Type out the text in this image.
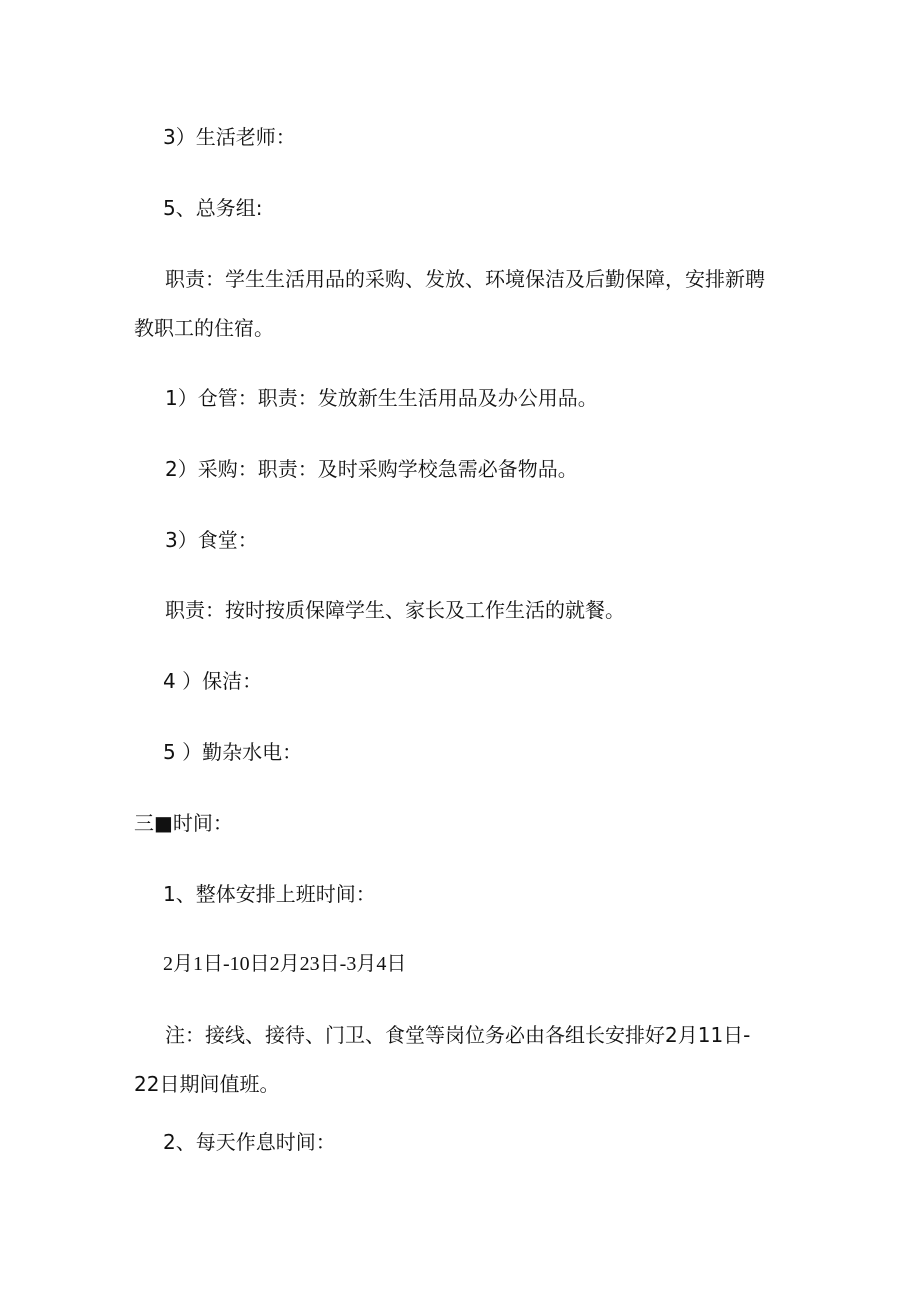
3）生活老师：
5、总务组:
职责：学生生活用品的采购、发放、环境保洁及后勤保障，安排新聘
教职工的住宿。
1）仓管：职责：发放新生生活用品及办公用品。
2）采购：职责：及时采购学校急需必备物品。
3）食堂：
职责：按时按质保障学生、家长及工作生活的就餐。
4 ）保洁：
5 ）勤杂水电：
三■时间：
1、整体安排上班时间：
2月1日-10日2月23日-3月4日
注：接线、接待、门卫、食堂等岗位务必由各组长安排好2月11日-
22日期间值班。
2、每天作息时间：
